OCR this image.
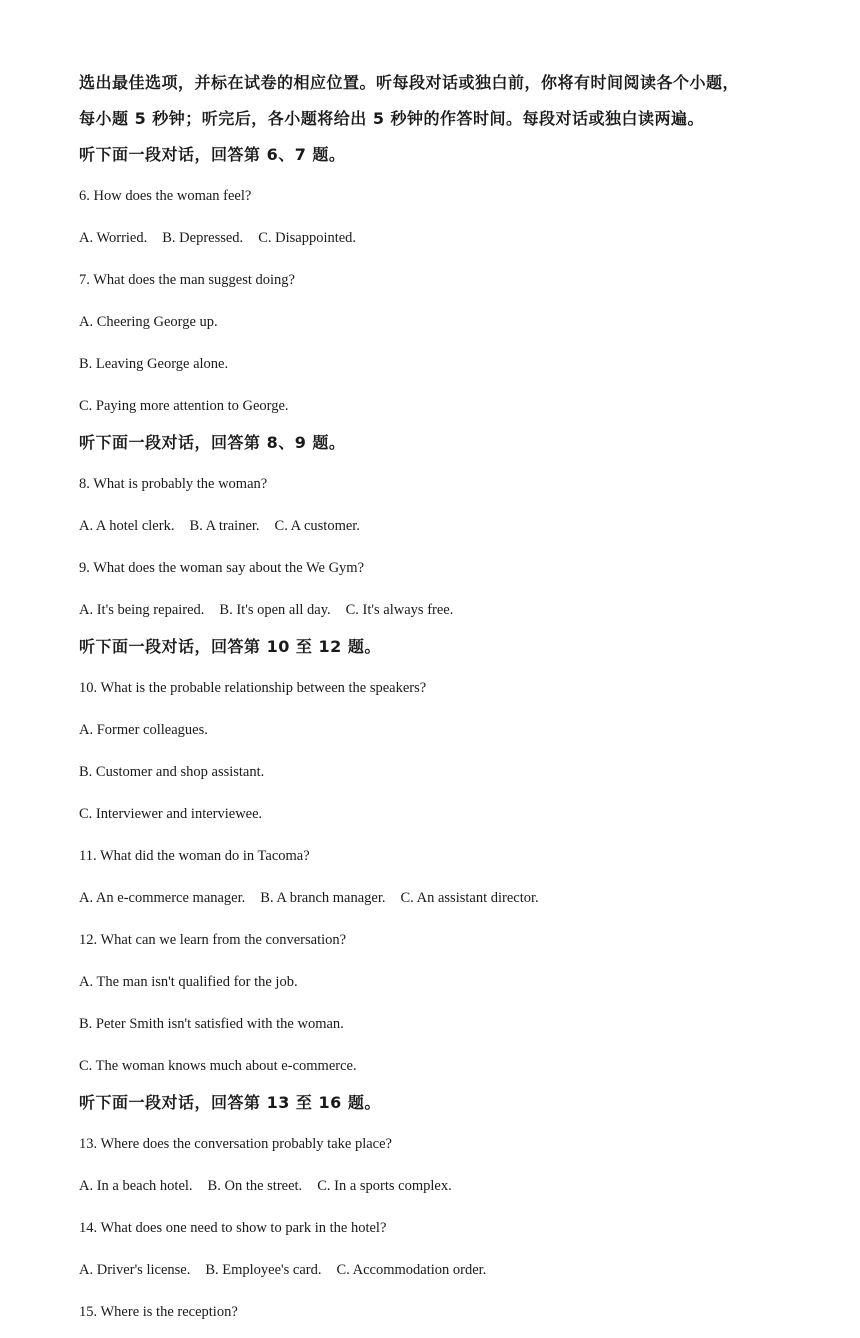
选出最佳选项，并标在试卷的相应位置。听每段对话或独白前，你将有时间阅读各个小题，

每小题 5 秒钟；听完后，各小题将给出 5 秒钟的作答时间。每段对话或独白读两遍。

听下面一段对话，回答第 6、7 题。

6. How does the woman feel?

A. Worried. B. Depressed. C. Disappointed.

7. What does the man suggest doing?

A. Cheering George up.

B. Leaving George alone.

C. Paying more attention to George.

听下面一段对话，回答第 8、9 题。

8. What is probably the woman?

A. A hotel clerk. B. A trainer. C. A customer.

9. What does the woman say about the We Gym?

A. It's being repaired. B. It's open all day. C. It's always free.

听下面一段对话，回答第 10 至 12 题。

10. What is the probable relationship between the speakers?

A. Former colleagues.

B. Customer and shop assistant.

C. Interviewer and interviewee.

11. What did the woman do in Tacoma?

A. An e-commerce manager. B. A branch manager. C. An assistant director.

12. What can we learn from the conversation?

A. The man isn't qualified for the job.

B. Peter Smith isn't satisfied with the woman.

C. The woman knows much about e-commerce.

听下面一段对话，回答第 13 至 16 题。

13. Where does the conversation probably take place?

A. In a beach hotel. B. On the street. C. In a sports complex.

14. What does one need to show to park in the hotel?

A. Driver's license. B. Employee's card. C. Accommodation order.

15. Where is the reception?
